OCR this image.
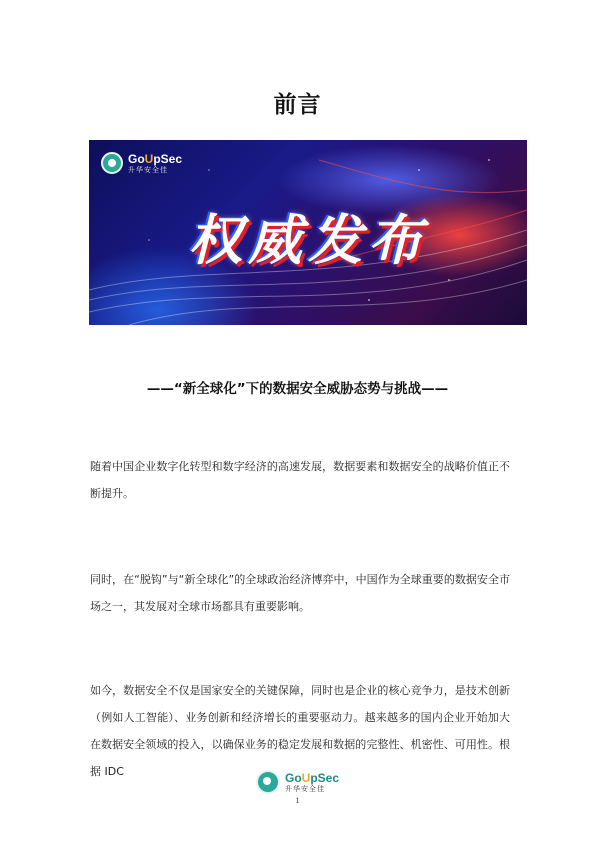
前言
GoUpSec
升华安全佳
权威发布
——“新全球化”下的数据安全威胁态势与挑战——
随着中国企业数字化转型和数字经济的高速发展，数据要素和数据安全的战略价值正不断提升。
同时，在“脱钩”与“新全球化”的全球政治经济博弈中，中国作为全球重要的数据安全市场之一，其发展对全球市场都具有重要影响。
如今，数据安全不仅是国家安全的关键保障，同时也是企业的核心竞争力，是技术创新（例如人工智能）、业务创新和经济增长的重要驱动力。越来越多的国内企业开始加大在数据安全领域的投入，以确保业务的稳定发展和数据的完整性、机密性、可用性。根据 IDC	GoUpSec
升华安全佳
1
